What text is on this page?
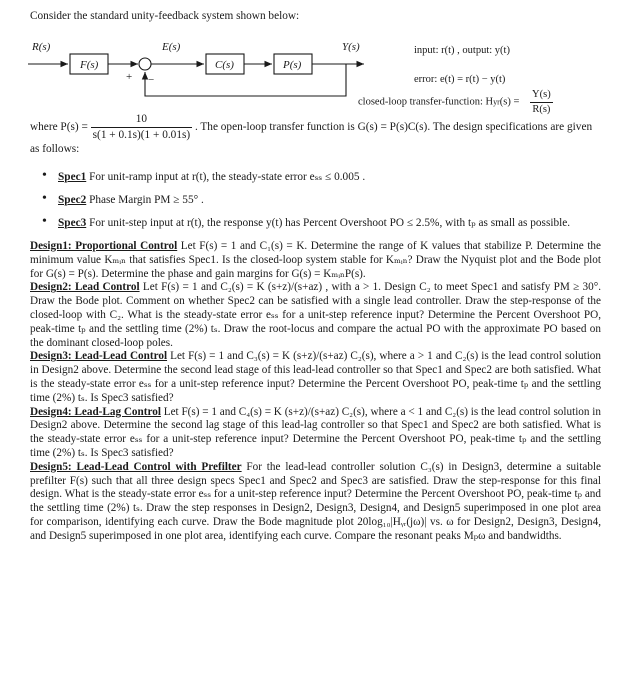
Consider the standard unity-feedback system shown below:
R(s)	E(s)	Y(s)
F(s)
+ −
C(s)	P(s)
input: r(t) , output: y(t)
error: e(t) = r(t) − y(t)
closed-loop transfer-function: $Hyr(s) = \frac{Y(s)}{R(s)}$
where $P(s) = \frac{10}{s(1 + 0.1s)(1 + 0.01s)}$ . The open-loop transfer function is G(s) = P(s)C(s). The design specifications are given as follows:
• Spec1 For unit-ramp input at r(t), the steady-state error eₛₛ ≤ 0.005 .
• Spec2 Phase Margin PM ≥ 55° .
• Spec3 For unit-step input at r(t), the response y(t) has Percent Overshoot PO ≤ 2.5%, with tₚ as small as possible.

Design1: Proportional Control Let F(s) = 1 and C₁(s) = K. Determine the range of K values that stabilize P. Determine the minimum value Kₘᵢₙ that satisfies Spec1. Is the closed-loop system stable for Kₘᵢₙ? Draw the Nyquist plot and the Bode plot for G(s) = P(s). Determine the phase and gain margins for G(s) = KₘᵢₙP(s).

Design2: Lead Control Let F(s) = 1 and C₂(s) = K (s+z)/(s+az) , with a > 1. Design C₂ to meet Spec1 and satisfy PM ≥ 30°. Draw the Bode plot. Comment on whether Spec2 can be satisfied with a single lead controller. Draw the step-response of the closed-loop with C₂. What is the steady-state error eₛₛ for a unit-step reference input? Determine the Percent Overshoot PO, peak-time tₚ and the settling time (2%) tₛ. Draw the root-locus and compare the actual PO with the approximate PO based on the dominant closed-loop poles.

Design3: Lead-Lead Control Let F(s) = 1 and C₃(s) = K (s+z)/(s+az) C₂(s), where a > 1 and C₂(s) is the lead control solution in Design2 above. Determine the second lead stage of this lead-lead controller so that Spec1 and Spec2 are both satisfied. What is the steady-state error eₛₛ for a unit-step reference input? Determine the Percent Overshoot PO, peak-time tₚ and the settling time (2%) tₛ. Is Spec3 satisfied?

Design4: Lead-Lag Control Let F(s) = 1 and C₄(s) = K (s+z)/(s+az) C₂(s), where a < 1 and C₂(s) is the lead control solution in Design2 above. Determine the second lag stage of this lead-lag controller so that Spec1 and Spec2 are both satisfied. What is the steady-state error eₛₛ for a unit-step reference input? Determine the Percent Overshoot PO, peak-time tₚ and the settling time (2%) tₛ. Is Spec3 satisfied?

Design5: Lead-Lead Control with Prefilter For the lead-lead controller solution C₃(s) in Design3, determine a suitable prefilter F(s) such that all three design specs Spec1 and Spec2 and Spec3 are satisfied. Draw the step-response for this final design. What is the steady-state error eₛₛ for a unit-step reference input? Determine the Percent Overshoot PO, peak-time tₚ and the settling time (2%) tₛ. Draw the step responses in Design2, Design3, Design4, and Design5 superimposed in one plot area for comparison, identifying each curve. Draw the Bode magnitude plot 20log₁₀|Hᵧᵣ(jω)| vs. ω for Design2, Design3, Design4, and Design5 superimposed in one plot area, identifying each curve. Compare the resonant peaks Mₚω and bandwidths.
